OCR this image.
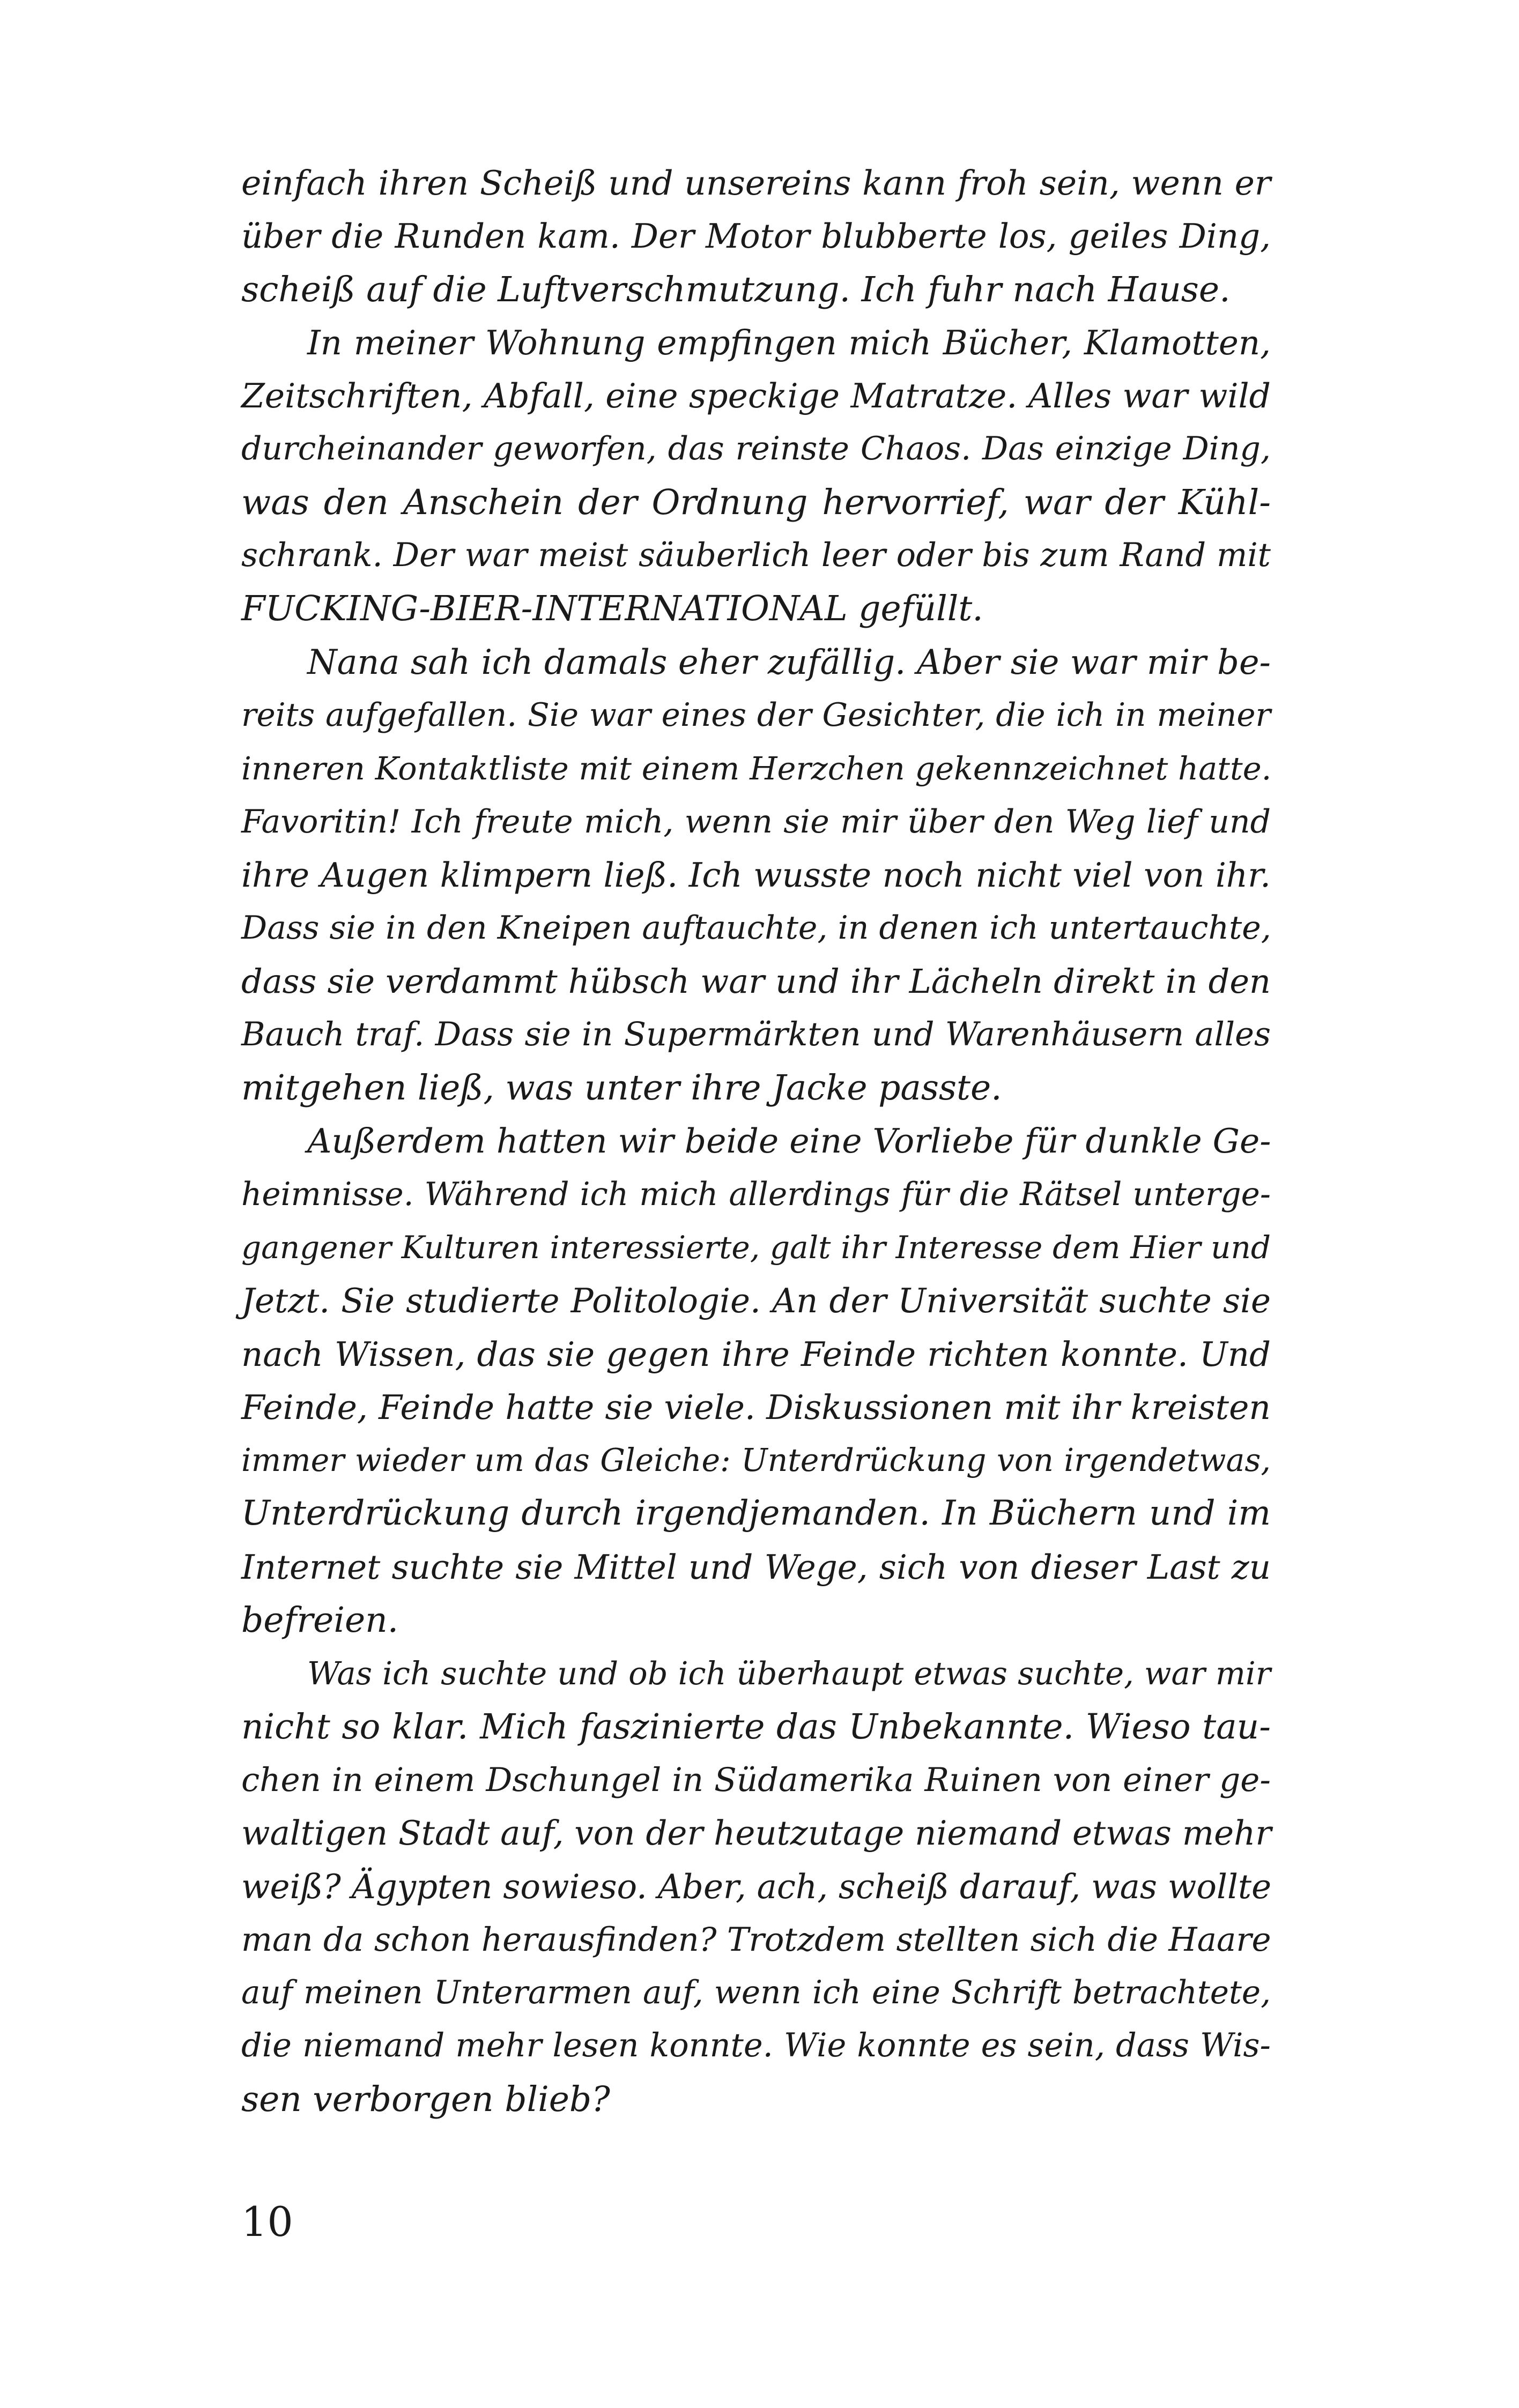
einfach ihren Scheiß und unsereins kann froh sein, wenn er
über die Runden kam. Der Motor blubberte los, geiles Ding,
scheiß auf die Luftverschmutzung. Ich fuhr nach Hause.
In meiner Wohnung empfingen mich Bücher, Klamotten,
Zeitschriften, Abfall, eine speckige Matratze. Alles war wild
durcheinander geworfen, das reinste Chaos. Das einzige Ding,
was den Anschein der Ordnung hervorrief, war der Kühl-
schrank. Der war meist säuberlich leer oder bis zum Rand mit
FUCKING-BIER-INTERNATIONAL gefüllt.
Nana sah ich damals eher zufällig. Aber sie war mir be-
reits aufgefallen. Sie war eines der Gesichter, die ich in meiner
inneren Kontaktliste mit einem Herzchen gekennzeichnet hatte.
Favoritin! Ich freute mich, wenn sie mir über den Weg lief und
ihre Augen klimpern ließ. Ich wusste noch nicht viel von ihr.
Dass sie in den Kneipen auftauchte, in denen ich untertauchte,
dass sie verdammt hübsch war und ihr Lächeln direkt in den
Bauch traf. Dass sie in Supermärkten und Warenhäusern alles
mitgehen ließ, was unter ihre Jacke passte.
Außerdem hatten wir beide eine Vorliebe für dunkle Ge-
heimnisse. Während ich mich allerdings für die Rätsel unterge-
gangener Kulturen interessierte, galt ihr Interesse dem Hier und
Jetzt. Sie studierte Politologie. An der Universität suchte sie
nach Wissen, das sie gegen ihre Feinde richten konnte. Und
Feinde, Feinde hatte sie viele. Diskussionen mit ihr kreisten
immer wieder um das Gleiche: Unterdrückung von irgendetwas,
Unterdrückung durch irgendjemanden. In Büchern und im
Internet suchte sie Mittel und Wege, sich von dieser Last zu
befreien.
Was ich suchte und ob ich überhaupt etwas suchte, war mir
nicht so klar. Mich faszinierte das Unbekannte. Wieso tau-
chen in einem Dschungel in Südamerika Ruinen von einer ge-
waltigen Stadt auf, von der heutzutage niemand etwas mehr
weiß? Ägypten sowieso. Aber, ach, scheiß darauf, was wollte
man da schon herausfinden? Trotzdem stellten sich die Haare
auf meinen Unterarmen auf, wenn ich eine Schrift betrachtete,
die niemand mehr lesen konnte. Wie konnte es sein, dass Wis-
sen verborgen blieb?
10
